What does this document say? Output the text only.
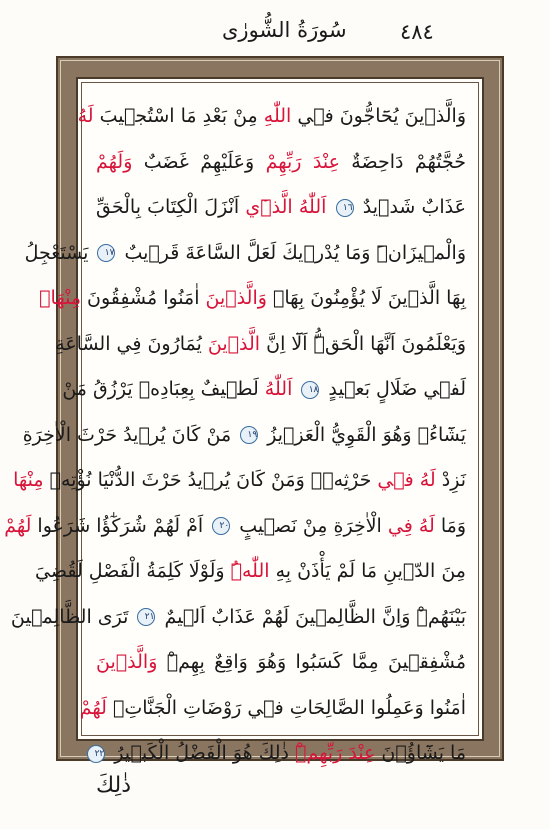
٤٨٤
سُورَةُ الشُّورٰى
وَالَّذ۪ينَ يُحَٓاجُّونَ ف۪ي اللّٰهِ مِنْ بَعْدِ مَا اسْتُج۪يبَ لَهُ
حُجَّتُهُمْ دَاحِضَةٌ عِنْدَ رَبِّهِمْ وَعَلَيْهِمْ غَضَبٌ وَلَهُمْ
عَذَابٌ شَد۪يدٌ ١٦ اَللّٰهُ الَّذ۪ٓي اَنْزَلَ الْكِتَابَ بِالْحَقِّ
وَالْم۪يزَانَۜ وَمَا يُدْر۪يكَ لَعَلَّ السَّاعَةَ قَر۪يبٌ ١٧ يَسْتَعْجِلُ
بِهَا الَّذ۪ينَ لَا يُؤْمِنُونَ بِهَاۚ وَالَّذ۪ينَ اٰمَنُوا مُشْفِقُونَ مِنْهَاۙ
وَيَعْلَمُونَ اَنَّهَا الْحَقُّۜ اَلَٓا اِنَّ الَّذ۪ينَ يُمَارُونَ فِي السَّاعَةِ
لَف۪ي ضَلَالٍ بَع۪يدٍ ١٨ اَللّٰهُ لَط۪يفٌ بِعِبَادِه۪ يَرْزُقُ مَنْ
يَشَٓاءُۚ وَهُوَ الْقَوِيُّ الْعَز۪يزُ ١٩ مَنْ كَانَ يُر۪يدُ حَرْثَ الْاٰخِرَةِ
نَزِدْ لَهُ ف۪ي حَرْثِه۪ۚ وَمَنْ كَانَ يُر۪يدُ حَرْثَ الدُّنْيَا نُؤْتِه۪ مِنْهَا
وَمَا لَهُ فِي الْاٰخِرَةِ مِنْ نَص۪يبٍ ٢٠ اَمْ لَهُمْ شُرَكٰٓؤُا شَرَعُوا لَهُمْ
مِنَ الدّ۪ينِ مَا لَمْ يَأْذَنْ بِهِ اللّٰهُۜ وَلَوْلَا كَلِمَةُ الْفَصْلِ لَقُضِيَ
بَيْنَهُمْۜ وَاِنَّ الظَّالِم۪ينَ لَهُمْ عَذَابٌ اَل۪يمٌ ٢١ تَرَى الظَّالِم۪ينَ
مُشْفِق۪ينَ مِمَّا كَسَبُوا وَهُوَ وَاقِعٌ بِهِمْۜ وَالَّذ۪ينَ
اٰمَنُوا وَعَمِلُوا الصَّالِحَاتِ ف۪ي رَوْضَاتِ الْجَنَّاتِۚ لَهُمْ
مَا يَشَٓاؤُ۫نَ عِنْدَ رَبِّهِمْۜ ذٰلِكَ هُوَ الْفَضْلُ الْكَب۪يرُ ٢٢
ذٰلِكَ
